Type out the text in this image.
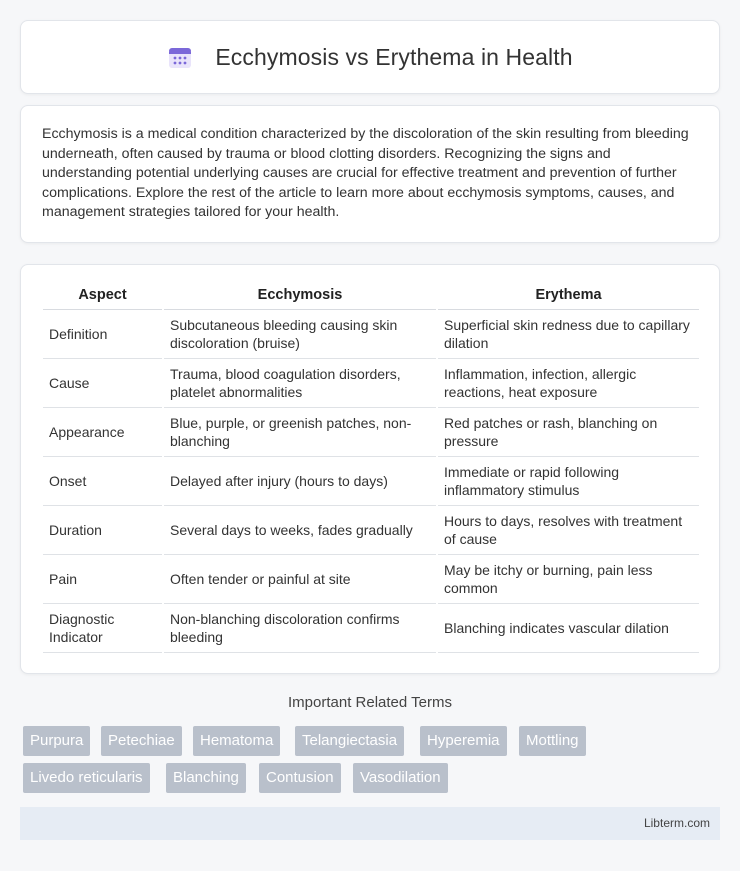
Ecchymosis vs Erythema in Health

Ecchymosis is a medical condition characterized by the discoloration of the skin resulting from bleeding underneath, often caused by trauma or blood clotting disorders. Recognizing the signs and understanding potential underlying causes are crucial for effective treatment and prevention of further complications. Explore the rest of the article to learn more about ecchymosis symptoms, causes, and management strategies tailored for your health.

Aspect	Ecchymosis	Erythema
Definition	Subcutaneous bleeding causing skin discoloration (bruise)	Superficial skin redness due to capillary dilation
Cause	Trauma, blood coagulation disorders, platelet abnormalities	Inflammation, infection, allergic reactions, heat exposure
Appearance	Blue, purple, or greenish patches, non-blanching	Red patches or rash, blanching on pressure
Onset	Delayed after injury (hours to days)	Immediate or rapid following inflammatory stimulus
Duration	Several days to weeks, fades gradually	Hours to days, resolves with treatment of cause
Pain	Often tender or painful at site	May be itchy or burning, pain less common
Diagnostic Indicator	Non-blanching discoloration confirms bleeding	Blanching indicates vascular dilation
Important Related Terms
Purpura	Petechiae	Hematoma	Telangiectasia	Hyperemia	Mottling
Livedo reticularis	Blanching	Contusion	Vasodilation
Libterm.com
